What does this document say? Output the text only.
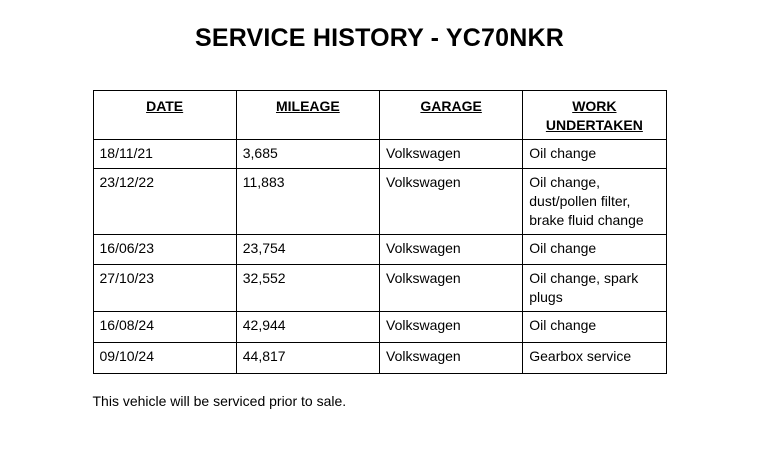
SERVICE HISTORY - YC70NKR
DATE	MILEAGE	GARAGE	WORK UNDERTAKEN
18/11/21	3,685	Volkswagen	Oil change
23/12/22	11,883	Volkswagen	Oil change, dust/pollen filter, brake fluid change
16/06/23	23,754	Volkswagen	Oil change
27/10/23	32,552	Volkswagen	Oil change, spark plugs
16/08/24	42,944	Volkswagen	Oil change
09/10/24	44,817	Volkswagen	Gearbox service
This vehicle will be serviced prior to sale.
